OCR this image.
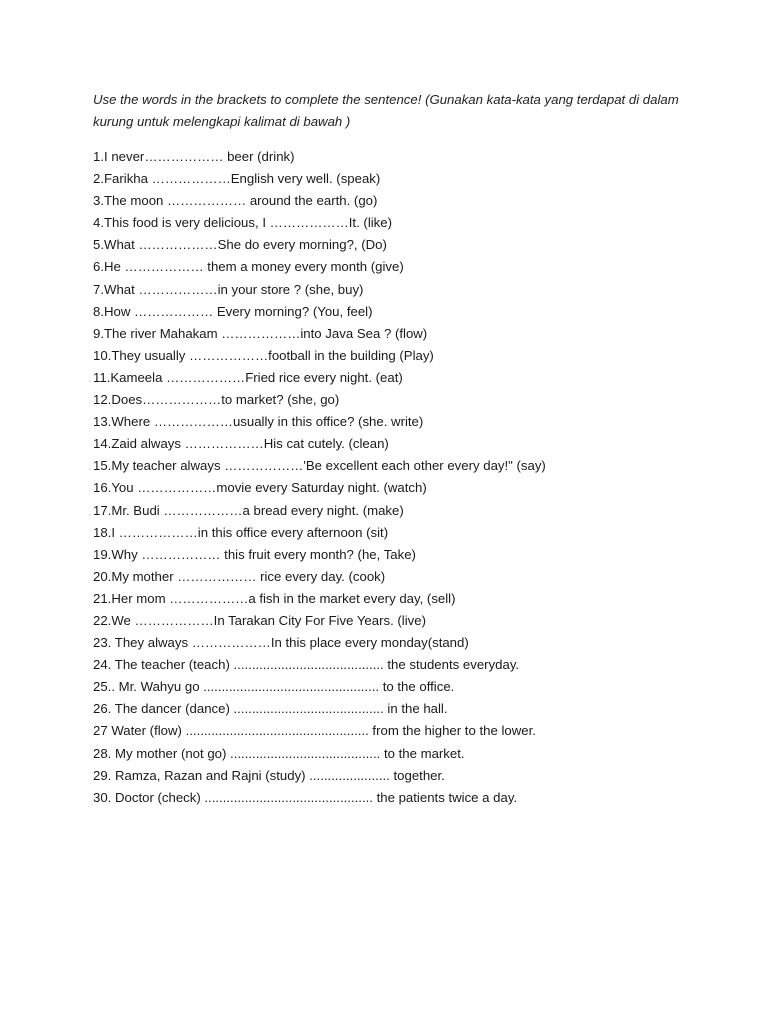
Use the words in the brackets to complete the sentence! (Gunakan kata-kata yang terdapat di dalam kurung untuk melengkapi kalimat di bawah )
1.I never……………… beer (drink)
2.Farikha ………………English very well. (speak)
3.The moon ……………… around the earth. (go)
4.This food is very delicious, I ………………It. (like)
5.What ………………She do every morning?, (Do)
6.He ……………… them a money every month (give)
7.What ………………in your store ? (she, buy)
8.How ……………… Every morning? (You, feel)
9.The river Mahakam ………………into Java Sea ? (flow)
10.They usually ………………football in the building (Play)
11.Kameela ………………Fried rice every night. (eat)
12.Does………………to market? (she, go)
13.Where ………………usually in this office? (she. write)
14.Zaid always ………………His cat cutely. (clean)
15.My teacher always ………………'Be excellent each other every day!" (say)
16.You ………………movie every Saturday night. (watch)
17.Mr. Budi ………………a bread every night. (make)
18.I ………………in this office every afternoon (sit)
19.Why ……………… this fruit every month? (he, Take)
20.My mother ……………… rice every day. (cook)
21.Her mom ………………a fish in the market every day, (sell)
22.We ………………In Tarakan City For Five Years. (live)
23. They always ………………In this place every monday(stand)
24. The teacher (teach) ......................................... the students everyday.
25.. Mr. Wahyu go ................................................ to the office.
26. The dancer (dance) ......................................... in the hall.
27 Water (flow) .................................................. from the higher to the lower.
28. My mother (not go) ......................................... to the market.
29. Ramza, Razan and Rajni (study) ...................... together.
30. Doctor (check) .............................................. the patients twice a day.
